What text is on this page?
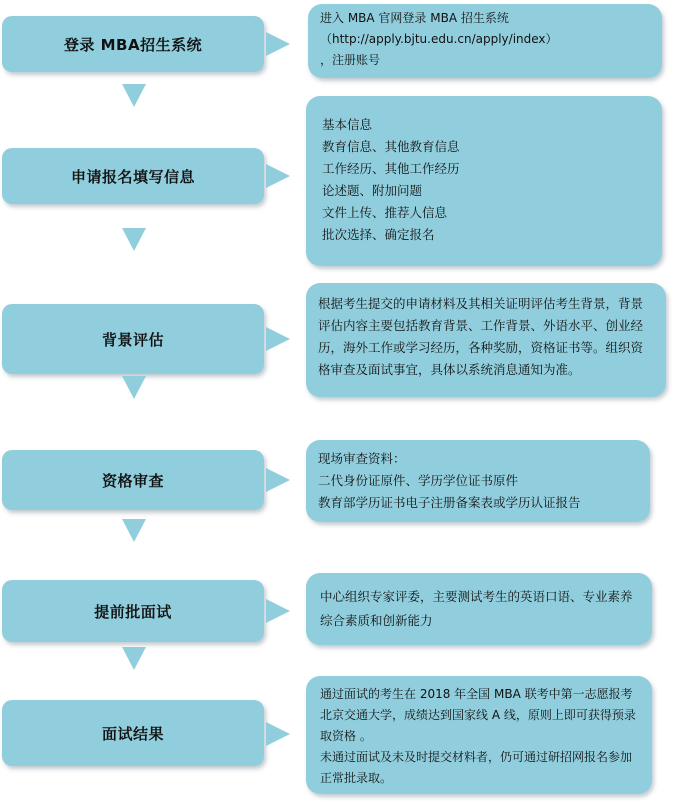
登录 MBA招生系统
进入 MBA 官网登录 MBA 招生系统
（http://apply.bjtu.edu.cn/apply/index）
，注册账号
申请报名填写信息
基本信息
教育信息、其他教育信息
工作经历、其他工作经历
论述题、附加问题
文件上传、推荐人信息
批次选择、确定报名
背景评估
根据考生提交的申请材料及其相关证明评估考生背景，背景评估内容主要包括教育背景、工作背景、外语水平、创业经历，海外工作或学习经历，各种奖励，资格证书等。组织资格审查及面试事宜，具体以系统消息通知为准。
资格审查
现场审查资料：
二代身份证原件、学历学位证书原件
教育部学历证书电子注册备案表或学历认证报告
提前批面试
中心组织专家评委，主要测试考生的英语口语、专业素养综合素质和创新能力
面试结果
通过面试的考生在 2018 年全国 MBA 联考中第一志愿报考北京交通大学，成绩达到国家线 A 线，原则上即可获得预录取资格 。
未通过面试及未及时提交材料者，仍可通过研招网报名参加正常批录取。
